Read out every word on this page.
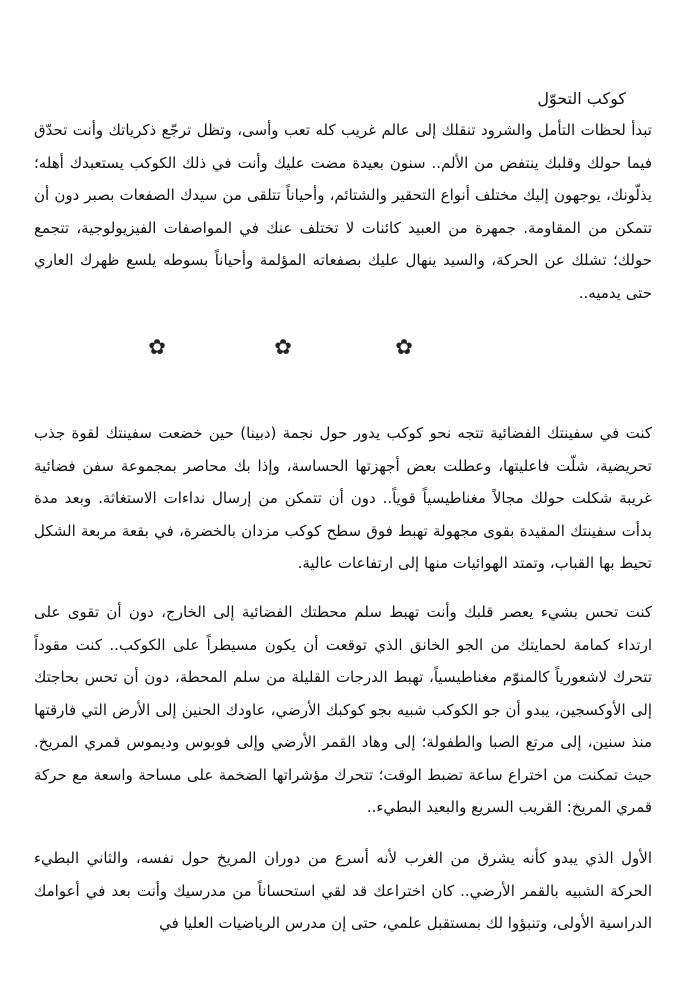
كوكب التحوّل

تبدأ لحظات التأمل والشرود تنقلك إلى عالم غريب كله تعب وأسى، وتظل ترجّع ذكرياتك وأنت تحدّق فيما حولك وقلبك ينتفض من الألم.. سنون بعيدة مضت عليك وأنت في ذلك الكوكب يستعبدك أهله؛ يذلّونك، يوجهون إليك مختلف أنواع التحقير والشتائم، وأحياناً تتلقى من سيدك الصفعات بصبر دون أن تتمكن من المقاومة. جمهرة من العبيد كائنات لا تختلف عنك في المواصفات الفيزيولوجية، تتجمع حولك؛ تشلك عن الحركة، والسيد ينهال عليك بصفعاته المؤلمة وأحياناً بسوطه يلسع ظهرك العاري حتى يدميه..

✿	✿	✿

كنت في سفينتك الفضائية تتجه نحو كوكب يدور حول نجمة (دبينا) حين خضعت سفينتك لقوة جذب تحريضية، شلّت فاعليتها، وعطلت بعض أجهزتها الحساسة، وإذا بك محاصر بمجموعة سفن فضائية غريبة شكلت حولك مجالاً مغناطيسياً قوياً.. دون أن تتمكن من إرسال نداءات الاستغاثة. وبعد مدة بدأت سفينتك المقيدة بقوى مجهولة تهبط فوق سطح كوكب مزدان بالخضرة، في بقعة مربعة الشكل تحيط بها القباب، وتمتد الهوائيات منها إلى ارتفاعات عالية.

كنت تحس بشيء يعصر قلبك وأنت تهبط سلم محطتك الفضائية إلى الخارج، دون أن تقوى على ارتداء كمامة لحمايتك من الجو الخانق الذي توقعت أن يكون مسيطراً على الكوكب.. كنت مقوداً تتحرك لاشعورياً كالمنوّم مغناطيسياً، تهبط الدرجات القليلة من سلم المحطة، دون أن تحس بحاجتك إلى الأوكسجين، يبدو أن جو الكوكب شبيه بجو كوكبك الأرضي، عاودك الحنين إلى الأرض التي فارقتها منذ سنين، إلى مرتع الصبا والطفولة؛ إلى وهاد القمر الأرضي وإلى فوبوس وديموس قمري المريخ. حيث تمكنت من اختراع ساعة تضبط الوقت؛ تتحرك مؤشراتها الضخمة على مساحة واسعة مع حركة قمري المريخ: القريب السريع والبعيد البطيء..

الأول الذي يبدو كأنه يشرق من الغرب لأنه أسرع من دوران المريخ حول نفسه، والثاني البطيء الحركة الشبيه بالقمر الأرضي.. كان اختراعك قد لقي استحساناً من مدرسيك وأنت بعد في أعوامك الدراسية الأولى، وتنبؤوا لك بمستقبل علمي، حتى إن مدرس الرياضيات العليا في
